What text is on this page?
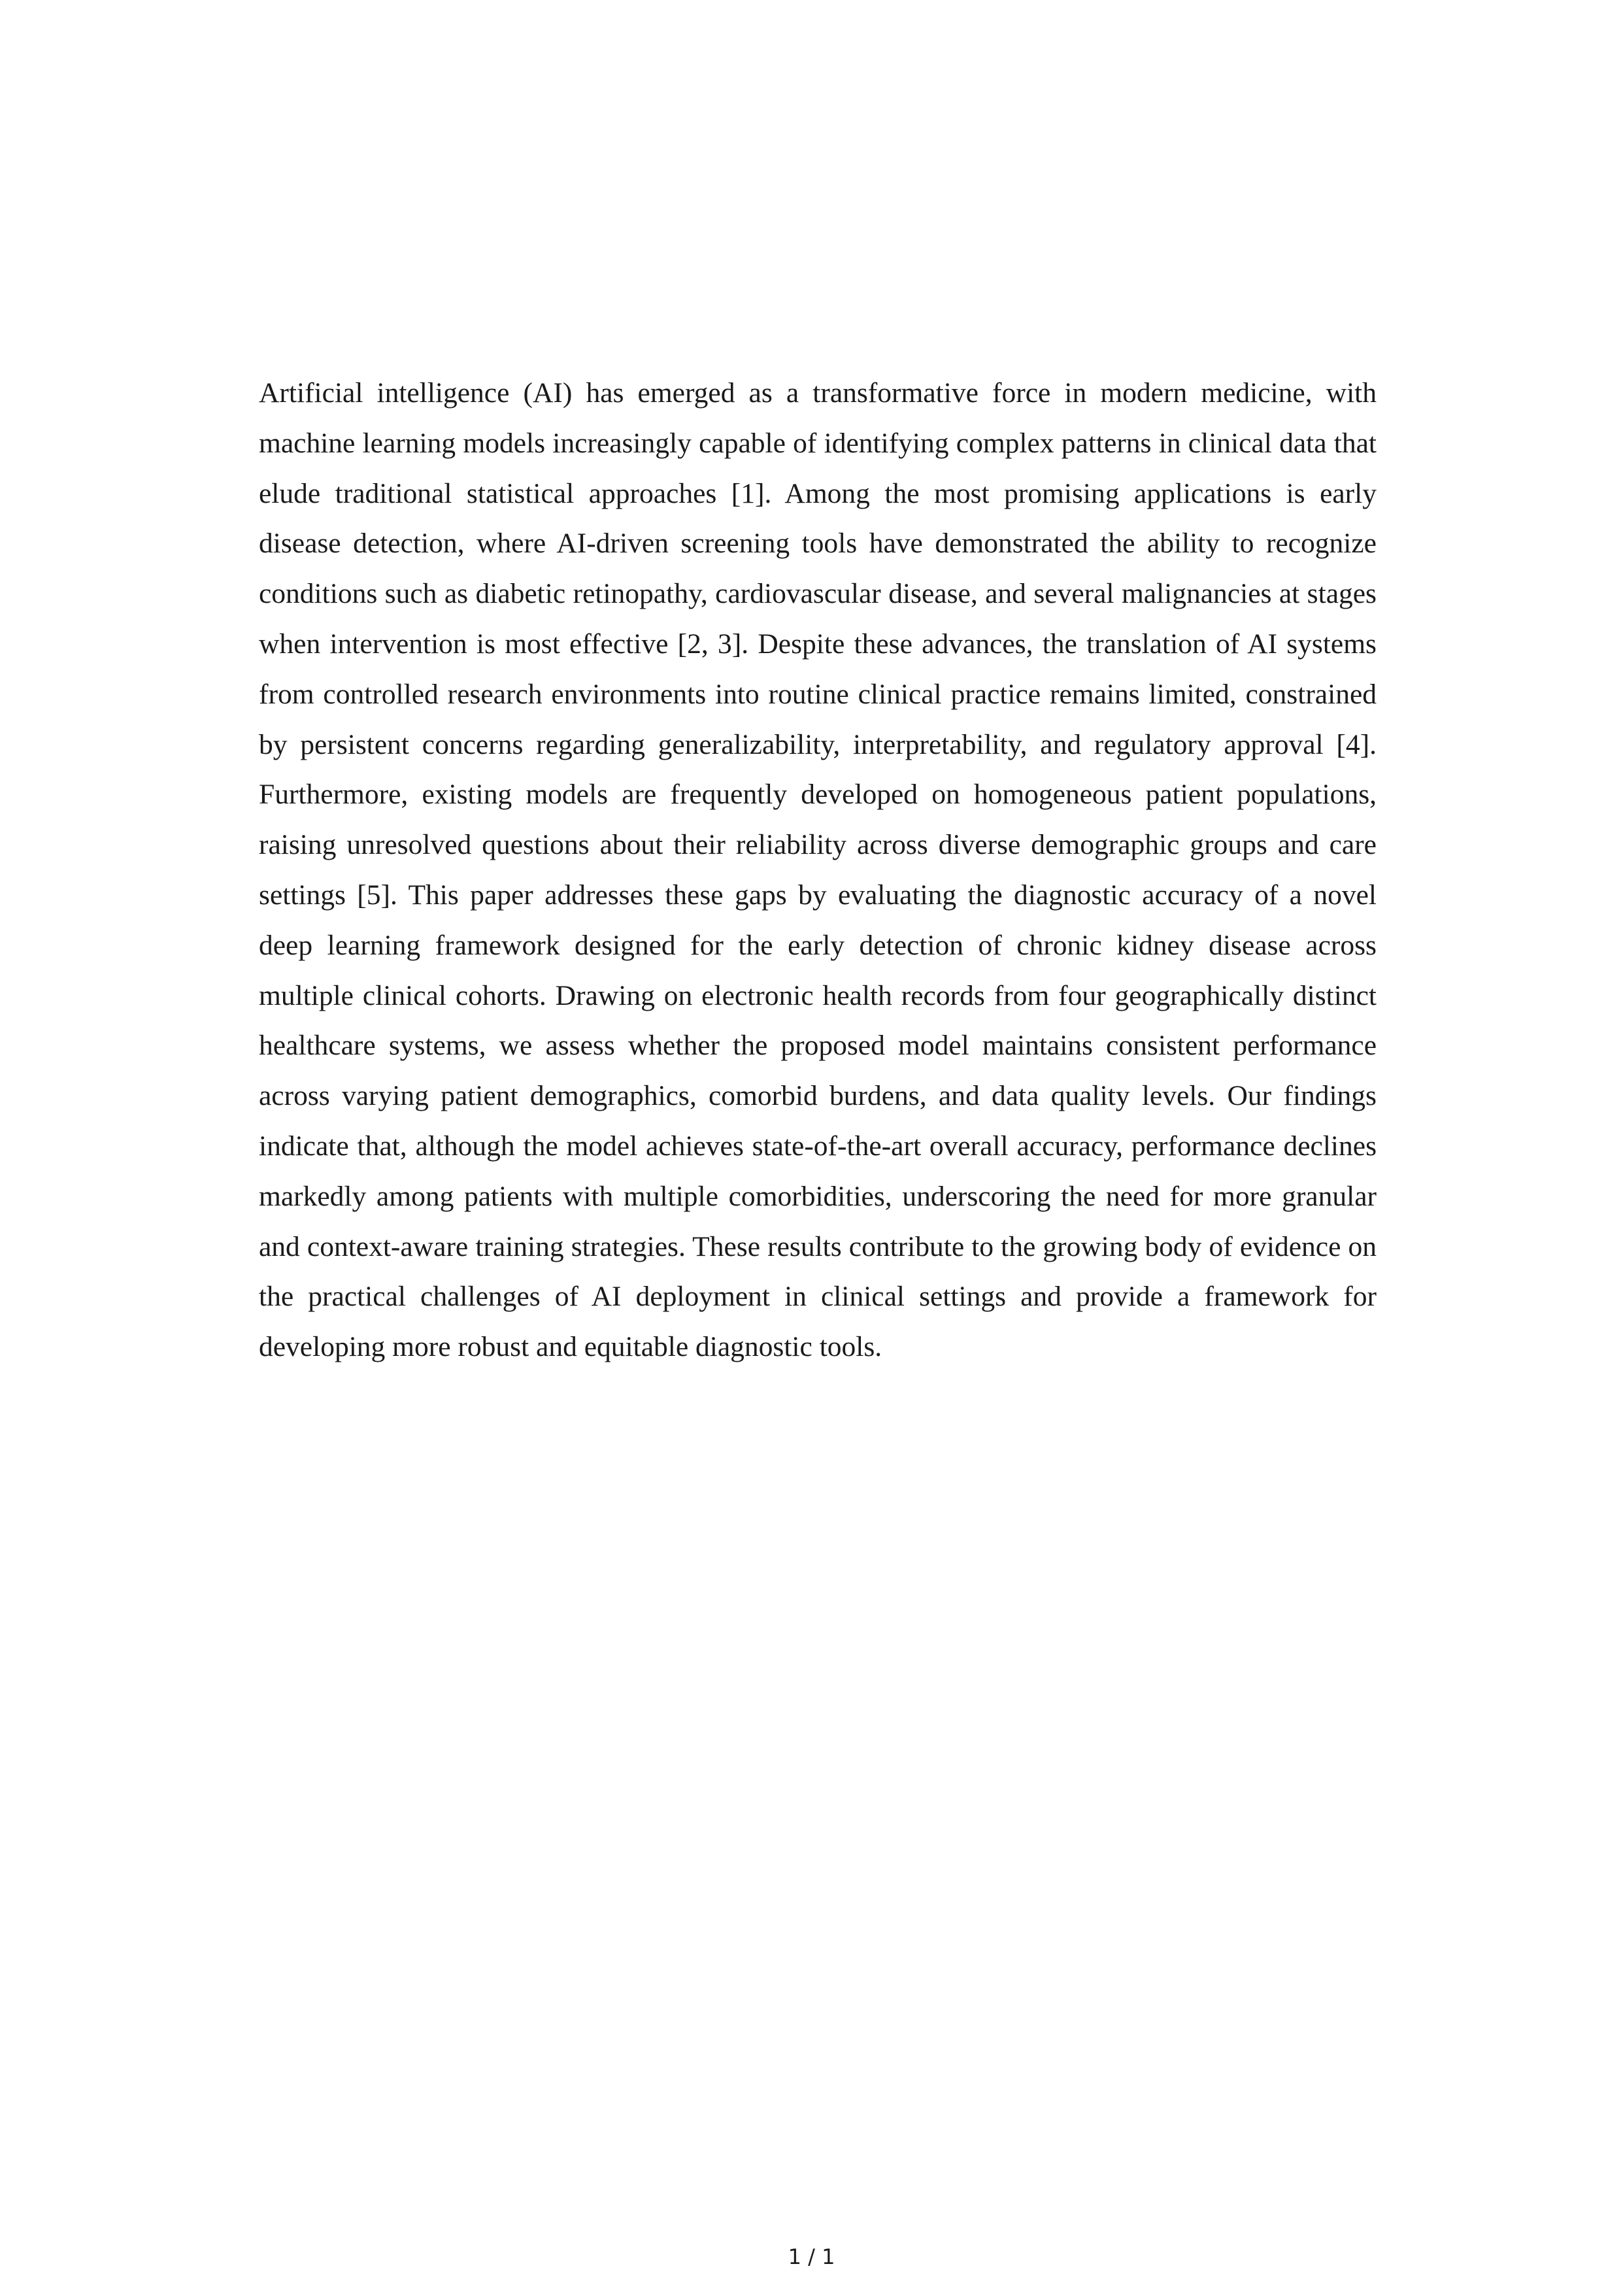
Artificial intelligence (AI) has emerged as a transformative force in modern medicine, with machine learning models increasingly capable of identifying complex patterns in clinical data that elude traditional statistical approaches [1]. Among the most promising applications is early disease detection, where AI-driven screening tools have demonstrated the ability to recognize conditions such as diabetic retinopathy, cardiovascular disease, and several malignancies at stages when intervention is most effective [2, 3]. Despite these advances, the translation of AI systems from controlled research environments into routine clinical practice remains limited, constrained by persistent concerns regarding generalizability, interpretability, and regulatory approval [4]. Furthermore, existing models are frequently developed on homogeneous patient populations, raising unresolved questions about their reliability across diverse demographic groups and care settings [5]. This paper addresses these gaps by evaluating the diagnostic accuracy of a novel deep learning framework designed for the early detection of chronic kidney disease across multiple clinical cohorts. Drawing on electronic health records from four geographically distinct healthcare systems, we assess whether the proposed model maintains consistent performance across varying patient demographics, comorbid burdens, and data quality levels. Our findings indicate that, although the model achieves state-of-the-art overall accuracy, performance declines markedly among patients with multiple comorbidities, underscoring the need for more granular and context-aware training strategies. These results contribute to the growing body of evidence on the practical challenges of AI deployment in clinical settings and provide a framework for developing more robust and equitable diagnostic tools.

1 / 1
